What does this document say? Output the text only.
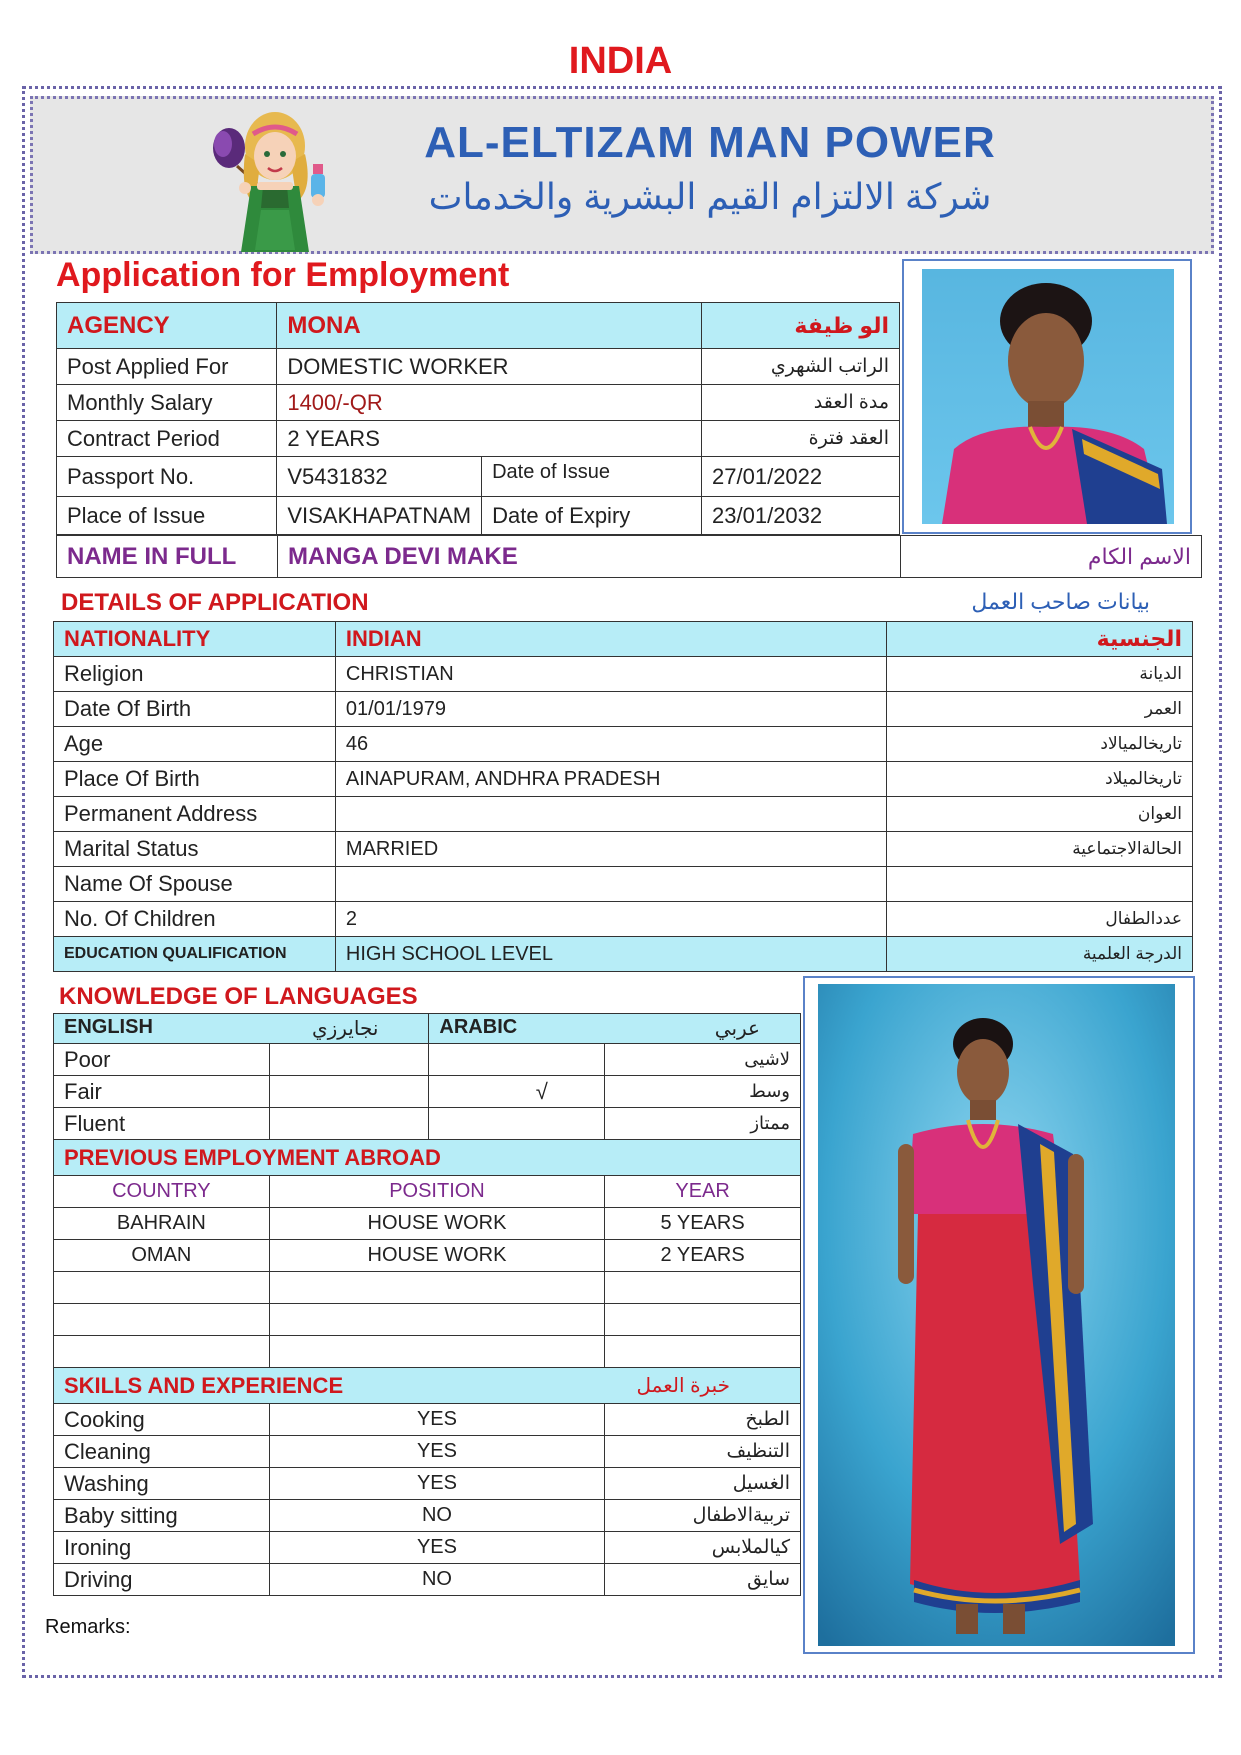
INDIA
AL-ELTIZAM MAN POWER
شركة الالتزام القيم البشرية والخدمات
Application for Employment
AGENCY	MONA		الو ظيفة
Post Applied For	DOMESTIC WORKER		الراتب الشهري
Monthly Salary	1400/-QR		مدة العقد
Contract Period	2 YEARS		العقد فترة
Passport No.	V5431832	Date of Issue	27/01/2022
Place of Issue	VISAKHAPATNAM	Date of Expiry	23/01/2032
NAME IN FULL	MANGA DEVI MAKE	الاسم الكام
DETAILS OF APPLICATION	بيانات صاحب العمل
NATIONALITY	INDIAN	الجنسية
Religion	CHRISTIAN	الديانة
Date Of Birth	01/01/1979	العمر
Age	46	تاريخالميالاد
Place Of Birth	AINAPURAM, ANDHRA PRADESH	تاريخالميلاد
Permanent Address		العوان
Marital Status	MARRIED	الحالةالاجتماعية
Name Of Spouse		
No. Of Children	2	عددالطفال
EDUCATION QUALIFICATION	HIGH SCHOOL LEVEL	الدرجة العلمية
KNOWLEDGE OF LANGUAGES
ENGLISH نجايرزي		ARABIC عربي	

Poor			لاشيى
Fair		√	وسط
Fluent			ممتاز
PREVIOUS EMPLOYMENT ABROAD			
COUNTRY	POSITION		YEAR
BAHRAIN	HOUSE WORK		5 YEARS
OMAN	HOUSE WORK		2 YEARS

SKILLS AND EXPERIENCE خبرة العمل			

Cooking	YES		الطبخ
Cleaning	YES		التنظيف
Washing	YES		الغسيل
Baby sitting	NO		تربيةالاطفال
Ironing	YES		كيالملابس
Driving	NO		سايق
Remarks:
